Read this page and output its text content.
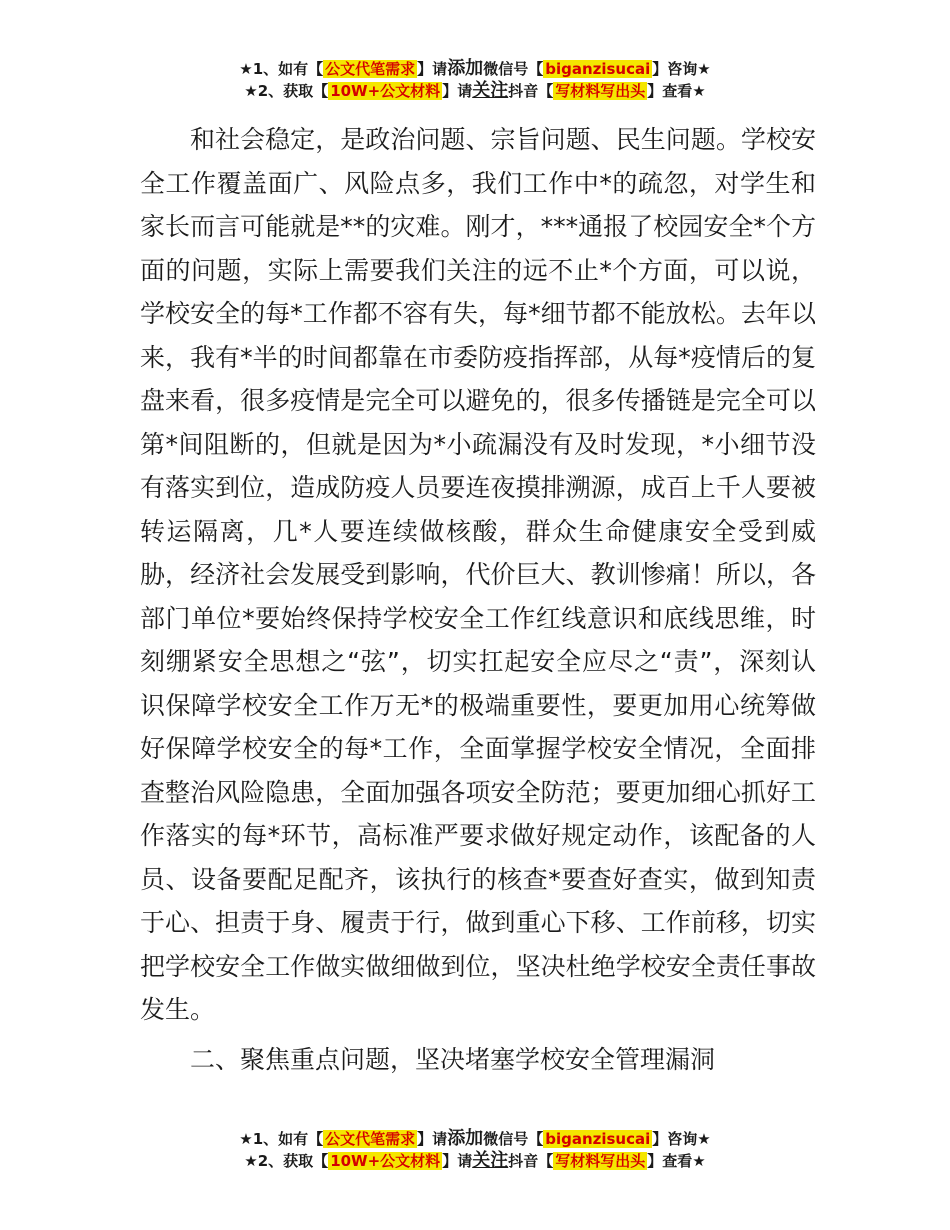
★1、如有【 公文代笔需求 】请添加微信号【 biganzisucai 】咨询★
★2、获取【 10W+公文材料 】请关注抖音【 写材料写出头 】查看★

和社会稳定，是政治问题、宗旨问题、民生问题。学校安全工作覆盖面广、风险点多，我们工作中*的疏忽，对学生和家长而言可能就是**的灾难。刚才，***通报了校园安全*个方面的问题，实际上需要我们关注的远不止*个方面，可以说，学校安全的每*工作都不容有失，每*细节都不能放松。去年以来，我有*半的时间都靠在市委防疫指挥部，从每*疫情后的复盘来看，很多疫情是完全可以避免的，很多传播链是完全可以第*间阻断的，但就是因为*小疏漏没有及时发现，*小细节没有落实到位，造成防疫人员要连夜摸排溯源，成百上千人要被转运隔离，几*人要连续做核酸，群众生命健康安全受到威胁，经济社会发展受到影响，代价巨大、教训惨痛！所以，各部门单位*要始终保持学校安全工作红线意识和底线思维，时刻绷紧安全思想之“弦”，切实扛起安全应尽之“责”，深刻认识保障学校安全工作万无*的极端重要性，要更加用心统筹做好保障学校安全的每*工作，全面掌握学校安全情况，全面排查整治风险隐患，全面加强各项安全防范；要更加细心抓好工作落实的每*环节，高标准严要求做好规定动作，该配备的人员、设备要配足配齐，该执行的核查*要查好查实，做到知责于心、担责于身、履责于行，做到重心下移、工作前移，切实把学校安全工作做实做细做到位，坚决杜绝学校安全责任事故发生。

二、聚焦重点问题，坚决堵塞学校安全管理漏洞
★1、如有【 公文代笔需求 】请添加微信号【 biganzisucai 】咨询★
★2、获取【 10W+公文材料 】请关注抖音【 写材料写出头 】查看★
